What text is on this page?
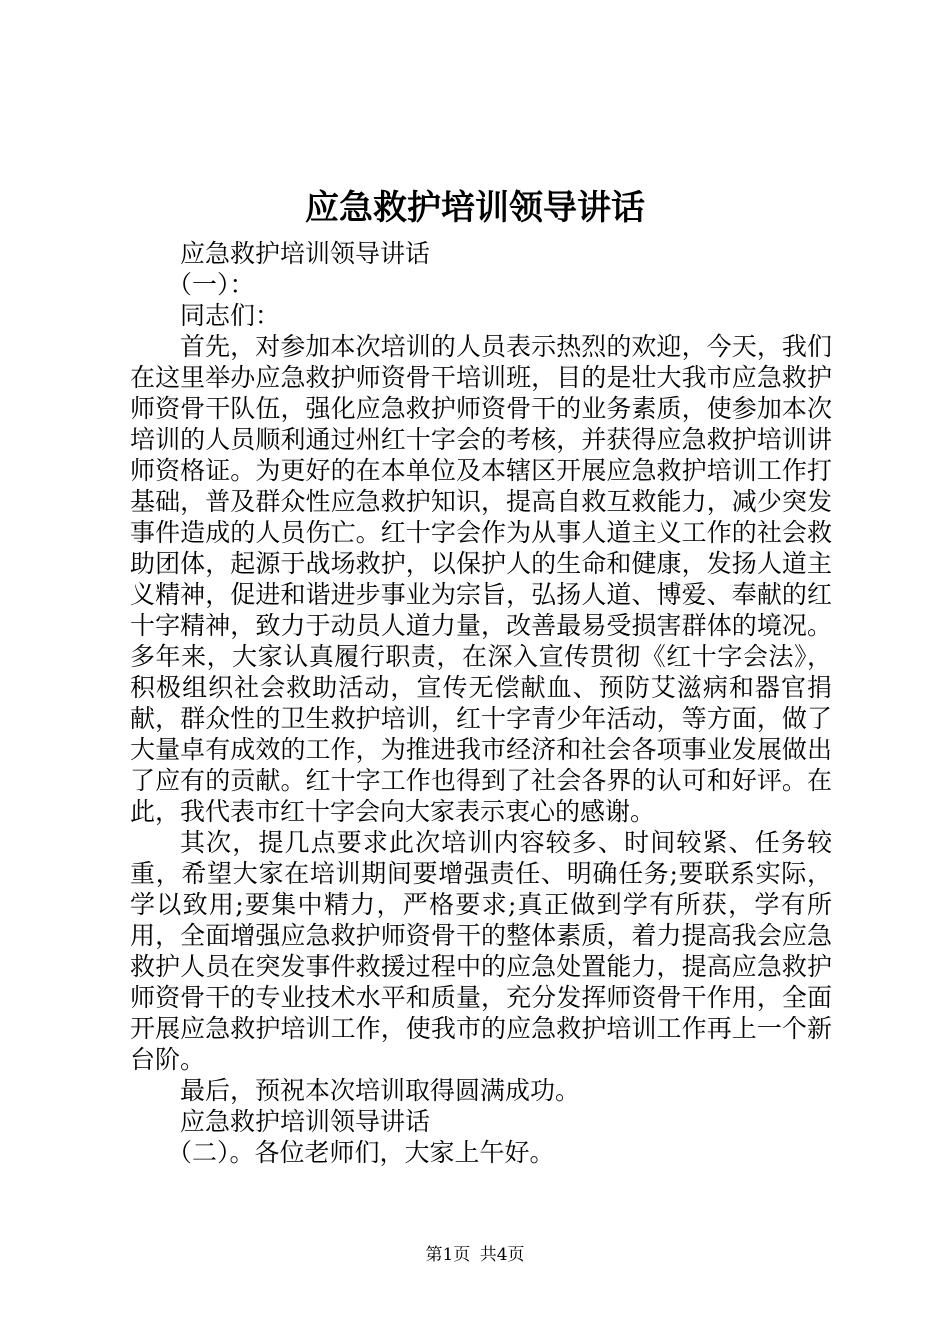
应急救护培训领导讲话

应急救护培训领导讲话

（一）：

同志们：

首先，对参加本次培训的人员表示热烈的欢迎，今天，我们在这里举办应急救护师资骨干培训班，目的是壮大我市应急救护师资骨干队伍，强化应急救护师资骨干的业务素质，使参加本次培训的人员顺利通过州红十字会的考核，并获得应急救护培训讲师资格证。为更好的在本单位及本辖区开展应急救护培训工作打基础，普及群众性应急救护知识，提高自救互救能力，减少突发事件造成的人员伤亡。红十字会作为从事人道主义工作的社会救助团体，起源于战场救护，以保护人的生命和健康，发扬人道主义精神，促进和谐进步事业为宗旨，弘扬人道、博爱、奉献的红十字精神，致力于动员人道力量，改善最易受损害群体的境况。多年来，大家认真履行职责，在深入宣传贯彻《红十字会法》，积极组织社会救助活动，宣传无偿献血、预防艾滋病和器官捐献，群众性的卫生救护培训，红十字青少年活动，等方面，做了大量卓有成效的工作，为推进我市经济和社会各项事业发展做出了应有的贡献。红十字工作也得到了社会各界的认可和好评。在此，我代表市红十字会向大家表示衷心的感谢。

其次，提几点要求此次培训内容较多、时间较紧、任务较重，希望大家在培训期间要增强责任、明确任务;要联系实际，学以致用;要集中精力，严格要求;真正做到学有所获，学有所用，全面增强应急救护师资骨干的整体素质，着力提高我会应急救护人员在突发事件救援过程中的应急处置能力，提高应急救护师资骨干的专业技术水平和质量，充分发挥师资骨干作用，全面开展应急救护培训工作，使我市的应急救护培训工作再上一个新台阶。

最后，预祝本次培训取得圆满成功。

应急救护培训领导讲话

（二）。各位老师们，大家上午好。

第1页 共4页
